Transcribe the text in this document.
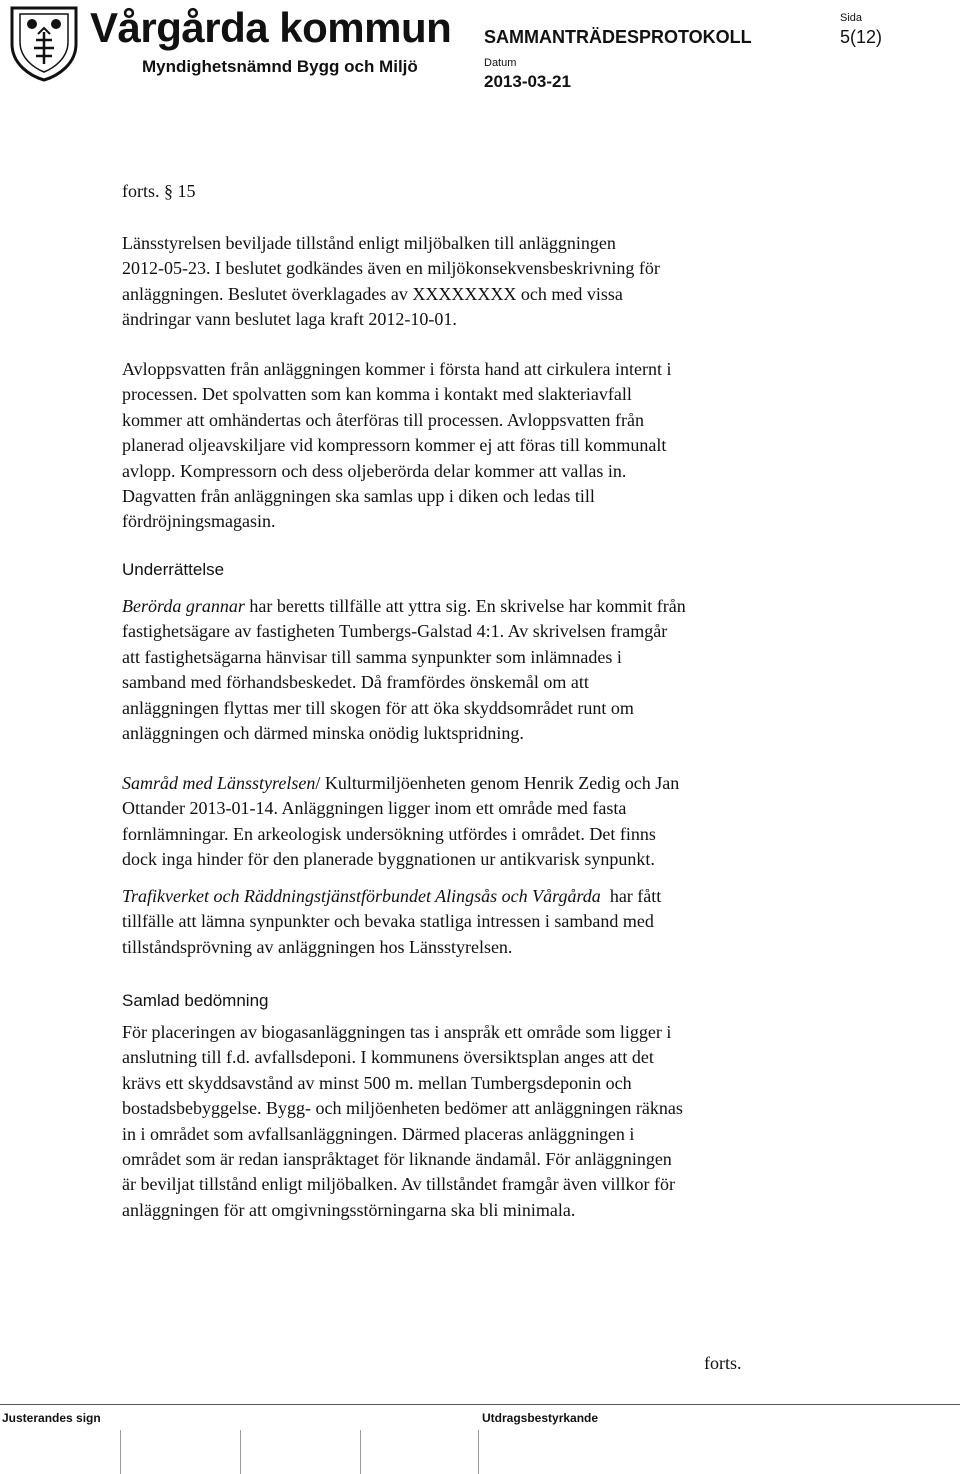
Vårgårda kommun
Myndighetsnämnd Bygg och Miljö
SAMMANTRÄDESPROTOKOLL
Datum
2013-03-21
Sida
5(12)
forts. § 15
Länsstyrelsen beviljade tillstånd enligt miljöbalken till anläggningen
2012-05-23. I beslutet godkändes även en miljökonsekvensbeskrivning för
anläggningen. Beslutet överklagades av XXXXXXXX och med vissa
ändringar vann beslutet laga kraft 2012-10-01.
Avloppsvatten från anläggningen kommer i första hand att cirkulera internt i
processen. Det spolvatten som kan komma i kontakt med slakteriavfall
kommer att omhändertas och återföras till processen. Avloppsvatten från
planerad oljeavskiljare vid kompressorn kommer ej att föras till kommunalt
avlopp. Kompressorn och dess oljeberörda delar kommer att vallas in.
Dagvatten från anläggningen ska samlas upp i diken och ledas till
fördröjningsmagasin.
Underrättelse
Berörda grannar har beretts tillfälle att yttra sig. En skrivelse har kommit från
fastighetsägare av fastigheten Tumbergs-Galstad 4:1. Av skrivelsen framgår
att fastighetsägarna hänvisar till samma synpunkter som inlämnades i
samband med förhandsbeskedet. Då framfördes önskemål om att
anläggningen flyttas mer till skogen för att öka skyddsområdet runt om
anläggningen och därmed minska onödig luktspridning.
Samråd med Länsstyrelsen/ Kulturmiljöenheten genom Henrik Zedig och Jan
Ottander 2013-01-14. Anläggningen ligger inom ett område med fasta
fornlämningar. En arkeologisk undersökning utfördes i området. Det finns
dock inga hinder för den planerade byggnationen ur antikvarisk synpunkt.
Trafikverket och Räddningstjänstförbundet Alingsås och Vårgårda  har fått
tillfälle att lämna synpunkter och bevaka statliga intressen i samband med
tillståndsprövning av anläggningen hos Länsstyrelsen.
Samlad bedömning
För placeringen av biogasanläggningen tas i anspråk ett område som ligger i
anslutning till f.d. avfallsdeponi. I kommunens översiktsplan anges att det
krävs ett skyddsavstånd av minst 500 m. mellan Tumbergsdeponin och
bostadsbebyggelse. Bygg- och miljöenheten bedömer att anläggningen räknas
in i området som avfallsanläggningen. Därmed placeras anläggningen i
området som är redan ianspråktaget för liknande ändamål. För anläggningen
är beviljat tillstånd enligt miljöbalken. Av tillståndet framgår även villkor för
anläggningen för att omgivningsstörningarna ska bli minimala.
forts.
Justerandes sign	Utdragsbestyrkande
